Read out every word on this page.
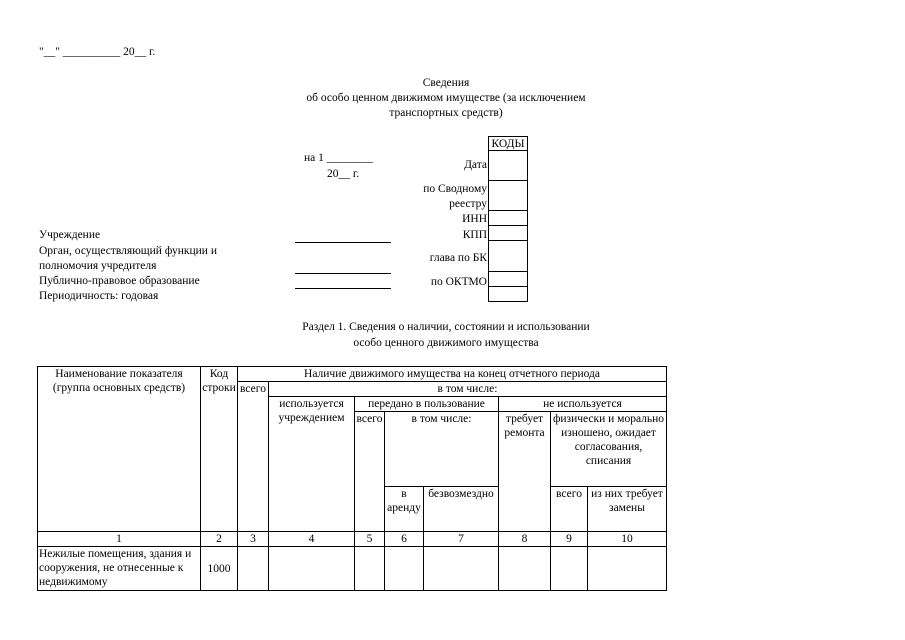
"__" __________ 20__ г.
Сведения
об особо ценном движимом имуществе (за исключением
транспортных средств)
на 1 ________
20__ г.
Дата
по Сводному
реестру
ИНН
КПП
глава по БК
по ОКТМО
КОДЫ
Учреждение
Орган, осуществляющий функции и
полномочия учредителя
Публично-правовое образование
Периодичность: годовая
Раздел 1. Сведения о наличии, состоянии и использовании
особо ценного движимого имущества
Наименование показателя (группа основных средств)	Код строки	Наличие движимого имущества на конец отчетного периода							
		всего	в том числе:						
			используется учреждением	передано в пользование			не используется		
				всего	в том числе:		требует ремонта	физически и морально изношено, ожидает согласования, списания	
					в аренду	безвозмездно		всего	из них требует замены

1	2	3	4	5	6	7	8	9	10
Нежилые помещения, здания и сооружения, не отнесенные к недвижимому	1000								
